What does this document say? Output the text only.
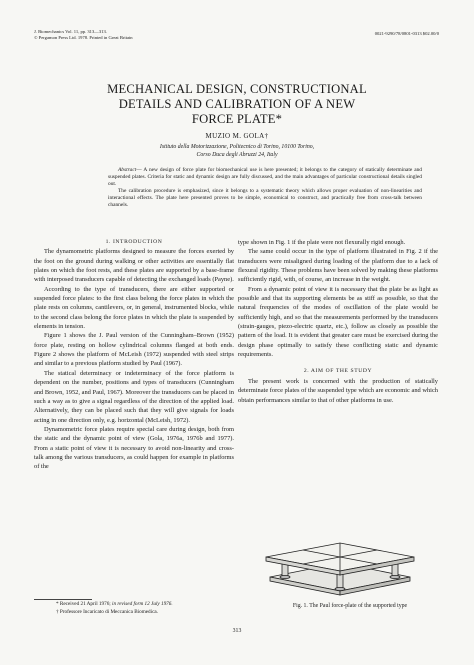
J. Biomechanics Vol. 11, pp. 313—313.
© Pergamon Press Ltd. 1978. Printed in Great Britain
0021-9290/78/0801-0313 $02.00/0
MECHANICAL DESIGN, CONSTRUCTIONAL
DETAILS AND CALIBRATION OF A NEW
FORCE PLATE*
MUZIO M. GOLA†
Istituto della Motorizzazione, Politecnico di Torino, 10100 Torino,
Corso Duca degli Abruzzi 24, Italy

Abstract— A new design of force plate for biomechanical use is here presented; it belongs to the category of statically determinate and suspended plates. Criteria for static and dynamic design are fully discussed, and the main advantages of particular constructional details singled out.

The calibration procedure is emphasized, since it belongs to a systematic theory which allows proper evaluation of non-linearities and interactional effects. The plate here presented proves to be simple, economical to construct, and practically free from cross-talk between channels.

1. INTRODUCTION

The dynamometric platforms designed to measure the forces exerted by the foot on the ground during walking or other activities are essentially flat plates on which the foot rests, and these plates are supported by a base-frame with interposed transducers capable of detecting the exchanged loads (Payne).

According to the type of transducers, there are either supported or suspended force plates: to the first class belong the force plates in which the plate rests on columns, cantilevers, or, in general, instrumented blocks, while to the second class belong the force plates in which the plate is suspended by elements in tension.

Figure 1 shows the J. Paul version of the Cunningham–Brown (1952) force plate, resting on hollow cylindrical columns flanged at both ends. Figure 2 shows the platform of McLeish (1972) suspended with steel strips and similar to a previous platform studied by Paul (1967).

The statical determinacy or indeterminacy of the force platform is dependent on the number, positions and types of transducers (Cunningham and Brown, 1952, and Paul, 1967). Moreover the transducers can be placed in such a way as to give a signal regardless of the direction of the applied load. Alternatively, they can be placed such that they will give signals for loads acting in one direction only, e.g. horizontal (McLeish, 1972).

Dynamometric force plates require special care during design, both from the static and the dynamic point of view (Gola, 1976a, 1976b and 1977). From a static point of view it is necessary to avoid non-linearity and cross-talk among the various transducers, as could happen for example in platforms of the

type shown in Fig. 1 if the plate were not flexurally rigid enough.

The same could occur in the type of platform illustrated in Fig. 2 if the transducers were misaligned during loading of the platform due to a lack of flexural rigidity. These problems have been solved by making these platforms sufficiently rigid, with, of course, an increase in the weight.

From a dynamic point of view it is necessary that the plate be as light as possible and that its supporting elements be as stiff as possible, so that the natural frequencies of the modes of oscillation of the plate would be sufficiently high, and so that the measurements performed by the transducers (strain-gauges, piezo-electric quartz, etc.), follow as closely as possible the pattern of the load. It is evident that greater care must be exercised during the design phase optimally to satisfy these conflicting static and dynamic requirements.

2. AIM OF THE STUDY

The present work is concerned with the production of statically determinate force plates of the suspended type which are economic and which obtain performances similar to that of other platforms in use.

Fig. 1. The Paul force-plate of the supported type
* Received 21 April 1976; in revised form 12 July 1976.
† Professore Incaricato di Meccanica Biomedica.
313
